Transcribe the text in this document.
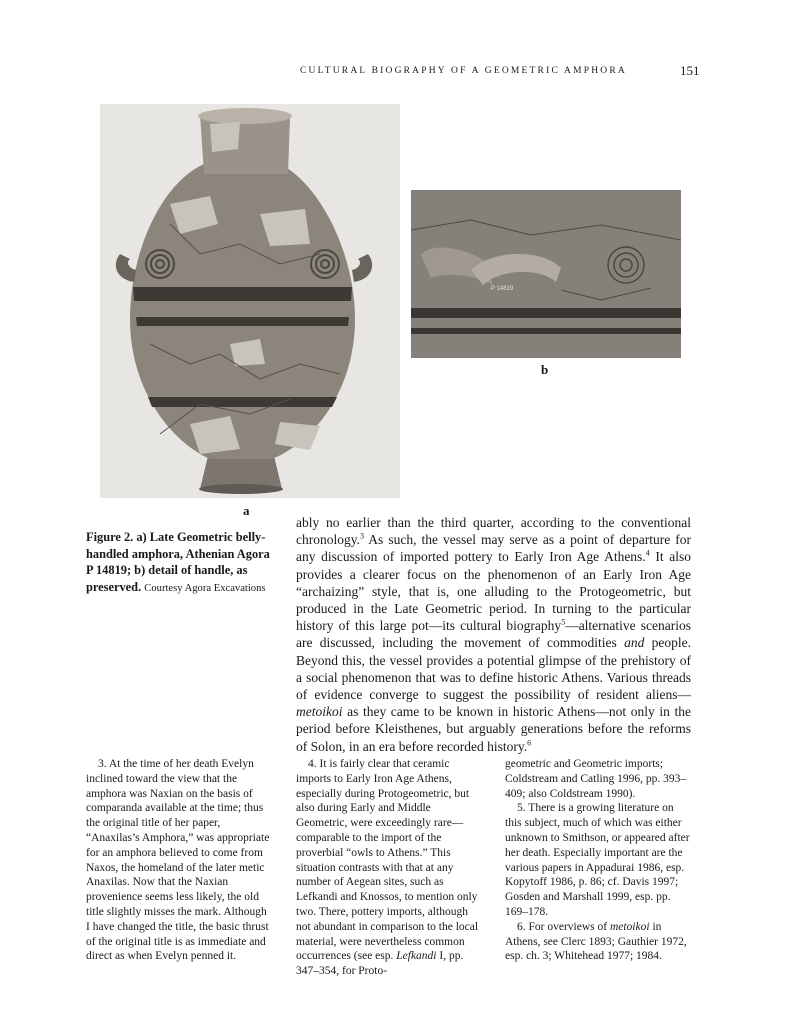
CULTURAL BIOGRAPHY OF A GEOMETRIC AMPHORA	151
P 14819
a
b
Figure 2. a) Late Geometric belly-handled amphora, Athenian Agora P 14819; b) detail of handle, as preserved. Courtesy Agora Excavations
ably no earlier than the third quarter, according to the conventional chronology.$^3$ As such, the vessel may serve as a point of departure for any discussion of imported pottery to Early Iron Age Athens.$^4$ It also provides a clearer focus on the phenomenon of an Early Iron Age “archaizing” style, that is, one alluding to the Protogeometric, but produced in the Late Geometric period. In turning to the particular history of this large pot—its cultural biography$^5$—alternative scenarios are discussed, including the movement of commodities and people. Beyond this, the vessel provides a potential glimpse of the prehistory of a social phenomenon that was to define historic Athens. Various threads of evidence converge to suggest the possibility of resident aliens—metoikoi as they came to be known in historic Athens—not only in the period before Kleisthenes, but arguably generations before the reforms of Solon, in an era before recorded history.$^6$

3. At the time of her death Evelyn inclined toward the view that the amphora was Naxian on the basis of comparanda available at the time; thus the original title of her paper, “Anaxilas’s Amphora,” was appropriate for an amphora believed to come from Naxos, the homeland of the later metic Anaxilas. Now that the Naxian provenience seems less likely, the old title slightly misses the mark. Although I have changed the title, the basic thrust of the original title is as immediate and direct as when Evelyn penned it.

4. It is fairly clear that ceramic imports to Early Iron Age Athens, especially during Protogeometric, but also during Early and Middle Geometric, were exceedingly rare—comparable to the import of the proverbial “owls to Athens.” This situation contrasts with that at any number of Aegean sites, such as Lefkandi and Knossos, to mention only two. There, pottery imports, although not abundant in comparison to the local material, were nevertheless common occurrences (see esp. Lefkandi I, pp. 347–354, for Proto-

geometric and Geometric imports; Coldstream and Catling 1996, pp. 393–409; also Coldstream 1990).

5. There is a growing literature on this subject, much of which was either unknown to Smithson, or appeared after her death. Especially important are the various papers in Appadurai 1986, esp. Kopytoff 1986, p. 86; cf. Davis 1997; Gosden and Marshall 1999, esp. pp. 169–178.

6. For overviews of metoikoi in Athens, see Clerc 1893; Gauthier 1972, esp. ch. 3; Whitehead 1977; 1984.
